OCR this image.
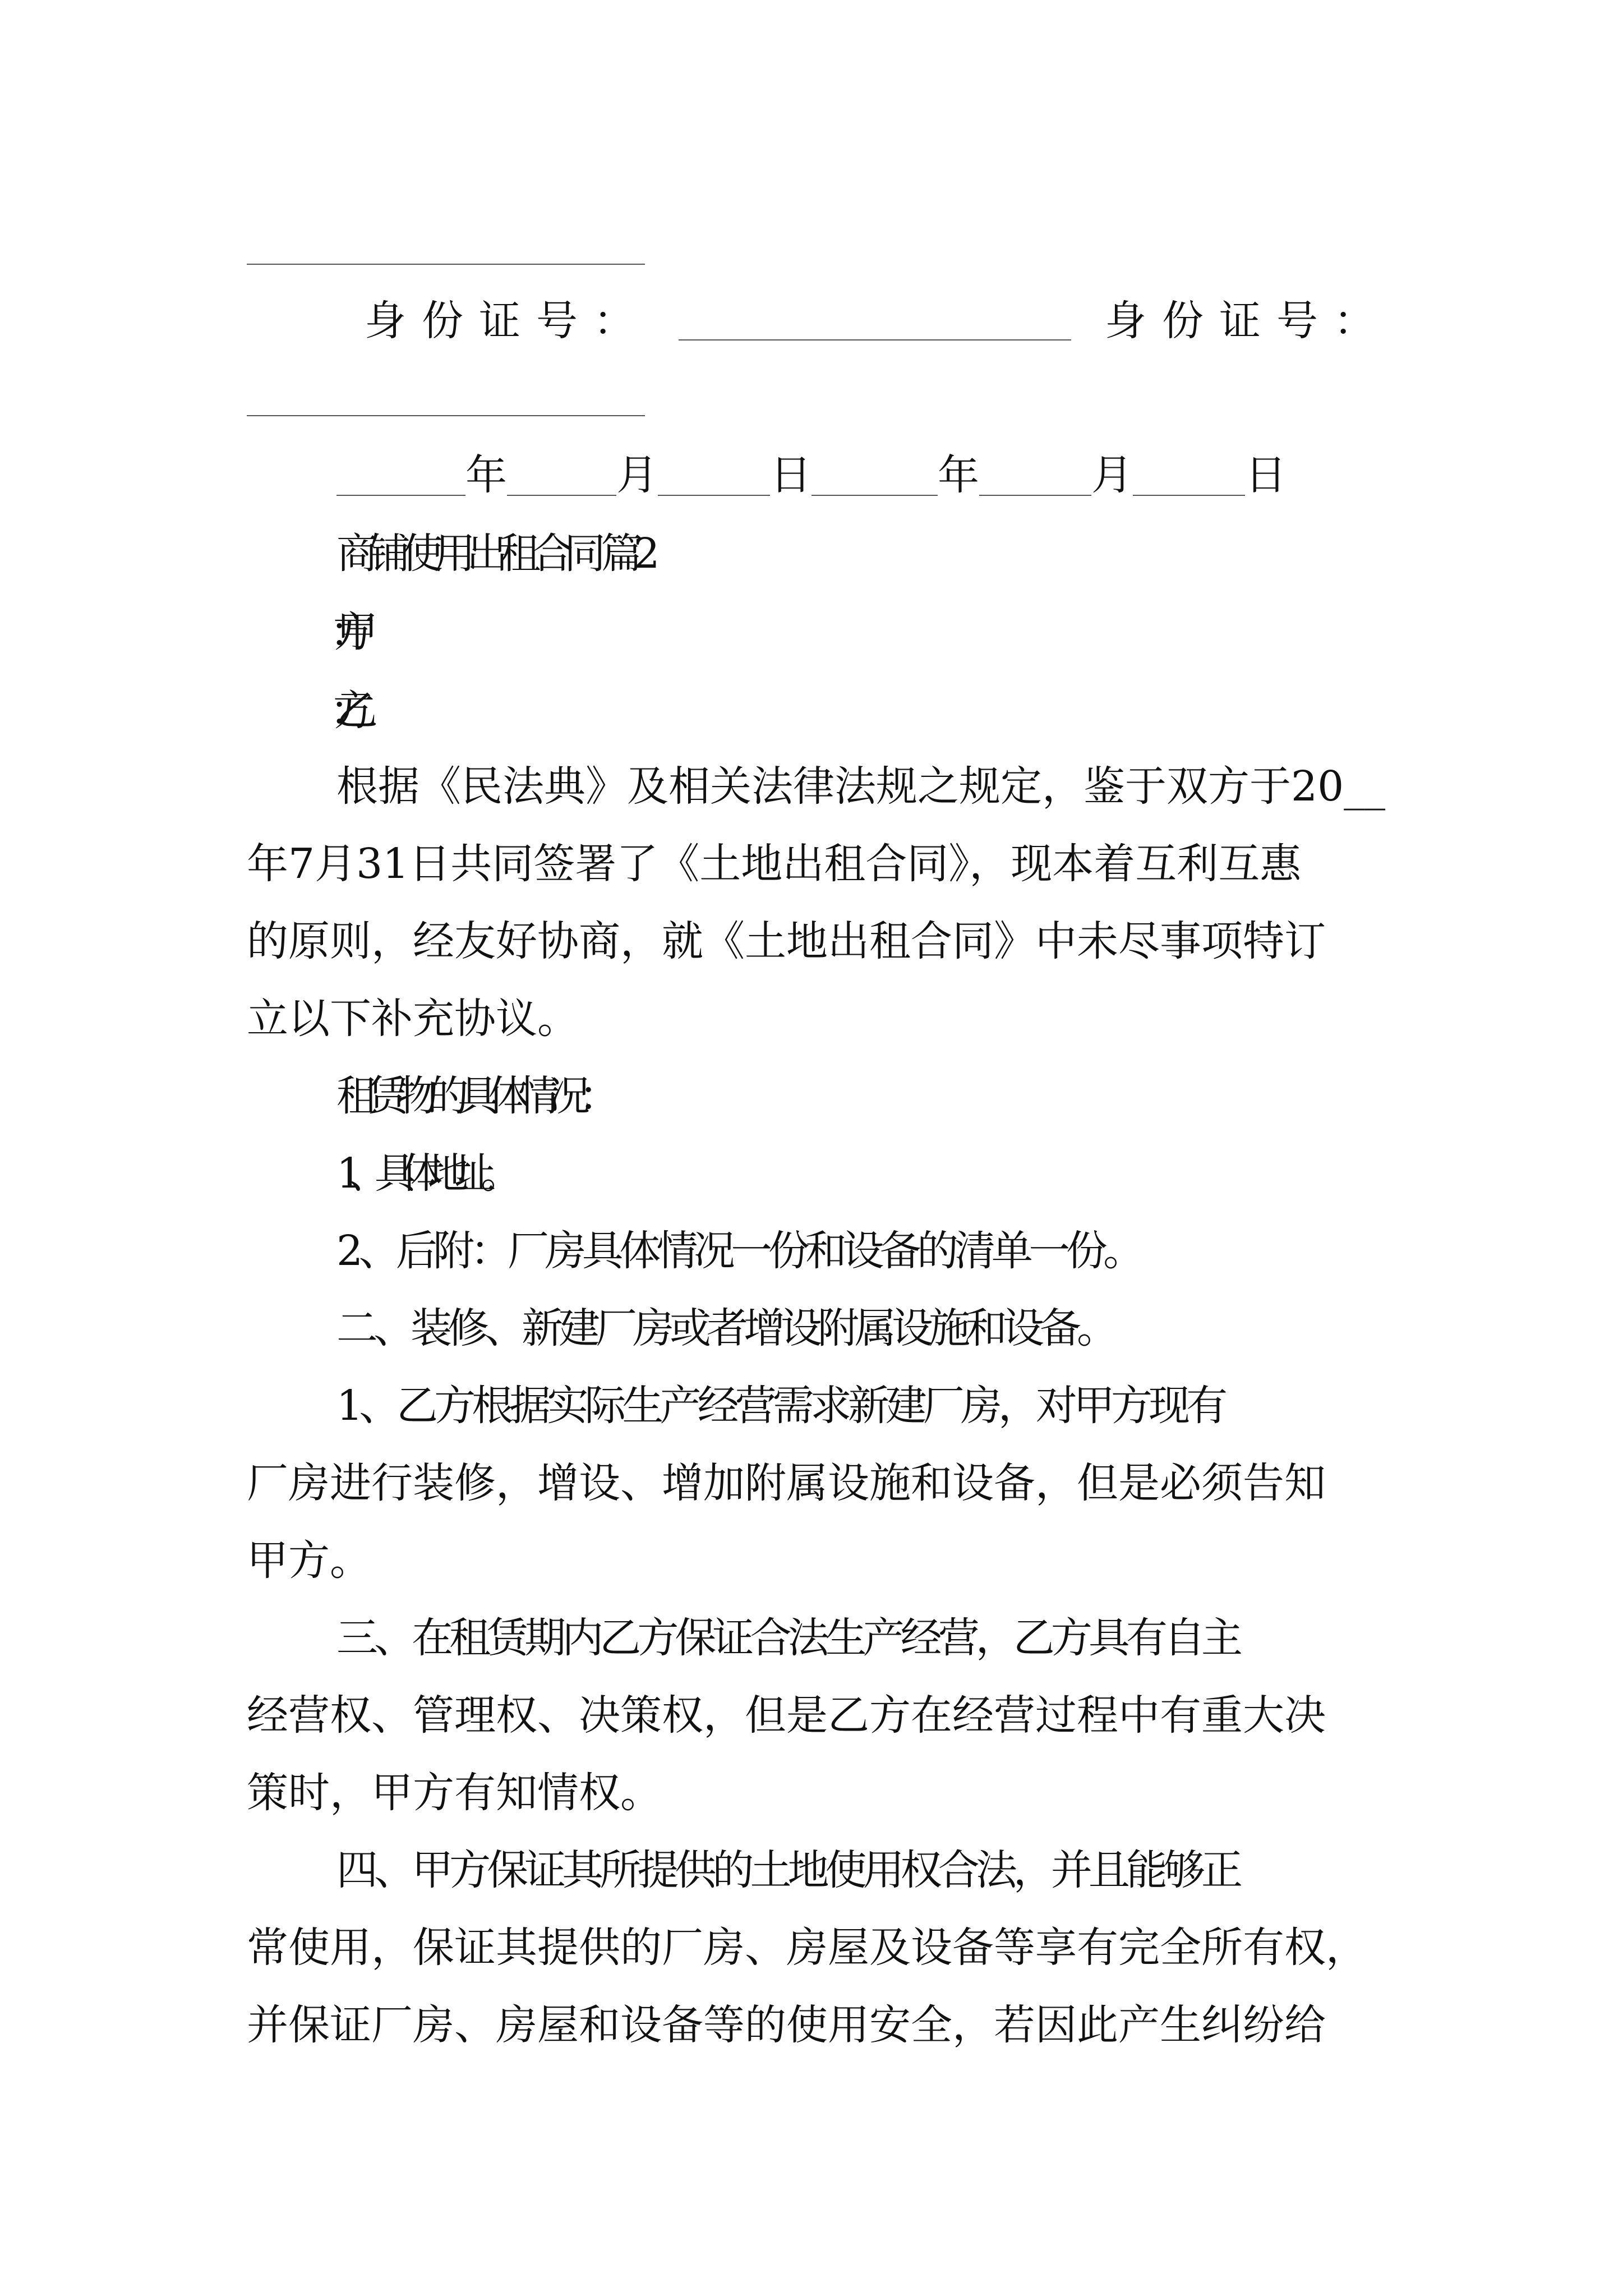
身份证号：	身份证号：
年	月	日	年	月	日
商铺使用出租合同 篇2
根据《民法典》及相关法律法规之规定，鉴于双方于20__
年7月31日共同签署了《土地出租合同》，现本着互利互惠
的原则，经友好协商，就《土地出租合同》中未尽事项特订
立以下补充协议。
租赁物的具体情况：
1、具体地址。
2、后附：厂房具体情况一份和设备的清单一份。
二、装修、新建厂房或者增设附属设施和设备。
1、乙方根据实际生产经营需求新建厂房，对甲方现有
厂房进行装修，增设、增加附属设施和设备，但是必须告知
甲方。
三、在租赁期内乙方保证合法生产经营，乙方具有自主
经营权、管理权、决策权，但是乙方在经营过程中有重大决
策时，甲方有知情权。
四、甲方保证其所提供的土地使用权合法，并且能够正
常使用，保证其提供的厂房、房屋及设备等享有完全所有权，
并保证厂房、房屋和设备等的使用安全，若因此产生纠纷给
